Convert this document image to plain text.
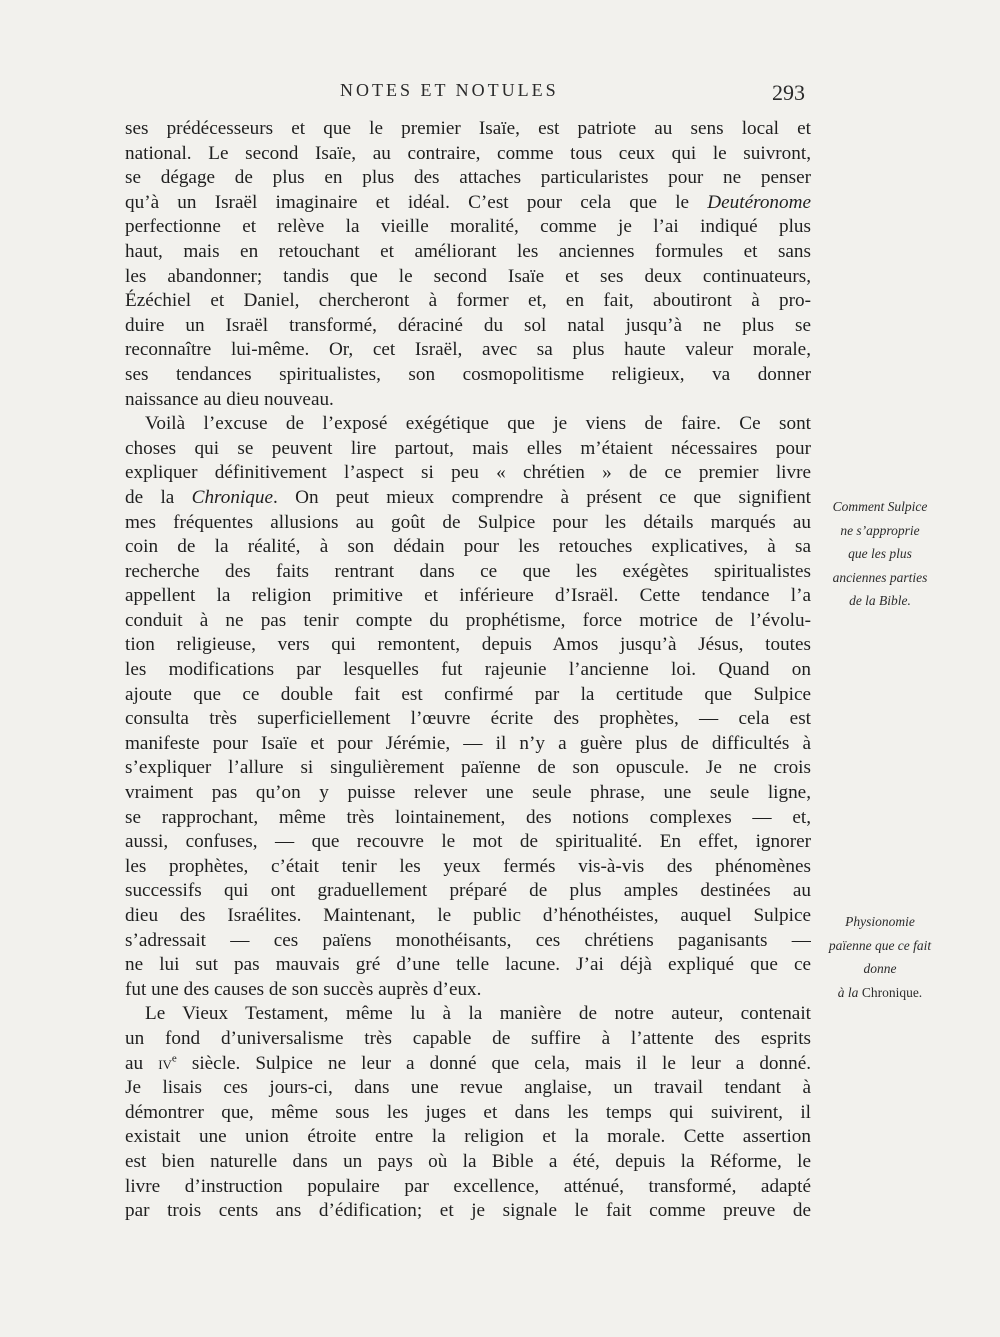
NOTES ET NOTULES	293
ses prédécesseurs et que le premier Isaïe, est patriote au sens local et
national. Le second Isaïe, au contraire, comme tous ceux qui le suivront,
se dégage de plus en plus des attaches particularistes pour ne penser
qu’à un Israël imaginaire et idéal. C’est pour cela que le Deutéronome
perfectionne et relève la vieille moralité, comme je l’ai indiqué plus
haut, mais en retouchant et améliorant les anciennes formules et sans
les abandonner; tandis que le second Isaïe et ses deux continuateurs,
Ézéchiel et Daniel, chercheront à former et, en fait, aboutiront à pro-
duire un Israël transformé, déraciné du sol natal jusqu’à ne plus se
reconnaître lui-même. Or, cet Israël, avec sa plus haute valeur morale,
ses tendances spiritualistes, son cosmopolitisme religieux, va donner
naissance au dieu nouveau.
Voilà l’excuse de l’exposé exégétique que je viens de faire. Ce sont
choses qui se peuvent lire partout, mais elles m’étaient nécessaires pour
expliquer définitivement l’aspect si peu « chrétien » de ce premier livre
de la Chronique. On peut mieux comprendre à présent ce que signifient
mes fréquentes allusions au goût de Sulpice pour les détails marqués au
coin de la réalité, à son dédain pour les retouches explicatives, à sa
recherche des faits rentrant dans ce que les exégètes spiritualistes
appellent la religion primitive et inférieure d’Israël. Cette tendance l’a
conduit à ne pas tenir compte du prophétisme, force motrice de l’évolu-
tion religieuse, vers qui remontent, depuis Amos jusqu’à Jésus, toutes
les modifications par lesquelles fut rajeunie l’ancienne loi. Quand on
ajoute que ce double fait est confirmé par la certitude que Sulpice
consulta très superficiellement l’œuvre écrite des prophètes, — cela est
manifeste pour Isaïe et pour Jérémie, — il n’y a guère plus de difficultés à
s’expliquer l’allure si singulièrement païenne de son opuscule. Je ne crois
vraiment pas qu’on y puisse relever une seule phrase, une seule ligne,
se rapprochant, même très lointainement, des notions complexes — et,
aussi, confuses, — que recouvre le mot de spiritualité. En effet, ignorer
les prophètes, c’était tenir les yeux fermés vis-à-vis des phénomènes
successifs qui ont graduellement préparé de plus amples destinées au
dieu des Israélites. Maintenant, le public d’hénothéistes, auquel Sulpice
s’adressait — ces païens monothéisants, ces chrétiens paganisants —
ne lui sut pas mauvais gré d’une telle lacune. J’ai déjà expliqué que ce
fut une des causes de son succès auprès d’eux.
Le Vieux Testament, même lu à la manière de notre auteur, contenait
un fond d’universalisme très capable de suffire à l’attente des esprits
au $iv^e$ siècle. Sulpice ne leur a donné que cela, mais il le leur a donné.
Je lisais ces jours-ci, dans une revue anglaise, un travail tendant à
démontrer que, même sous les juges et dans les temps qui suivirent, il
existait une union étroite entre la religion et la morale. Cette assertion
est bien naturelle dans un pays où la Bible a été, depuis la Réforme, le
livre d’instruction populaire par excellence, atténué, transformé, adapté
par trois cents ans d’édification; et je signale le fait comme preuve de
Comment Sulpice
ne s’approprie
que les plus
anciennes parties
de la Bible.
Physionomie
païenne que ce fait
donne
à la Chronique.
